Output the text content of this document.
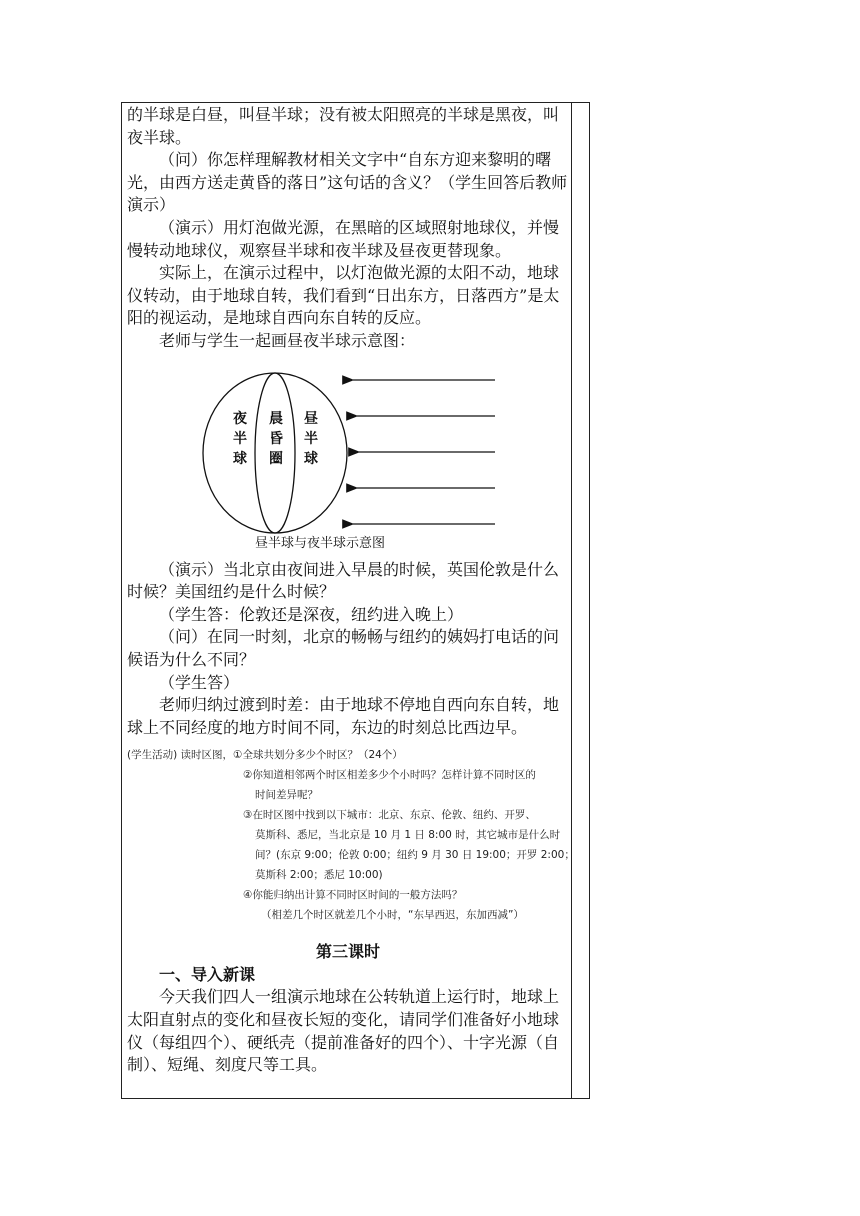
的半球是白昼，叫昼半球；没有被太阳照亮的半球是黑夜，叫夜半球。

（问）你怎样理解教材相关文字中“自东方迎来黎明的曙光，由西方送走黄昏的落日”这句话的含义？（学生回答后教师演示）

（演示）用灯泡做光源，在黑暗的区域照射地球仪，并慢慢转动地球仪，观察昼半球和夜半球及昼夜更替现象。

实际上，在演示过程中，以灯泡做光源的太阳不动，地球仪转动，由于地球自转，我们看到“日出东方，日落西方”是太阳的视运动，是地球自西向东自转的反应。

老师与学生一起画昼夜半球示意图：

夜半球
晨昏圈
昼半球
昼半球与夜半球示意图

（演示）当北京由夜间进入早晨的时候，英国伦敦是什么时候？美国纽约是什么时候？

（学生答：伦敦还是深夜，纽约进入晚上）

（问）在同一时刻，北京的畅畅与纽约的姨妈打电话的问候语为什么不同？

（学生答）

老师归纳过渡到时差：由于地球不停地自西向东自转，地球上不同经度的地方时间不同，东边的时刻总比西边早。

(学生活动) 读时区图，①全球共划分多少个时区？（24个）
②你知道相邻两个时区相差多少个小时吗？怎样计算不同时区的
时间差异呢？
③在时区图中找到以下城市：北京、东京、伦敦、纽约、开罗、
莫斯科、悉尼，当北京是 10 月 1 日 8:00 时，其它城市是什么时
间？(东京 9:00；伦敦 0:00；纽约 9 月 30 日 19:00；开罗 2:00；
莫斯科 2:00；悉尼 10:00)
④你能归纳出计算不同时区时间的一般方法吗？
（相差几个时区就差几个小时，“东早西迟，东加西减”）

第三课时

一、导入新课

今天我们四人一组演示地球在公转轨道上运行时，地球上太阳直射点的变化和昼夜长短的变化，请同学们准备好小地球仪（每组四个）、硬纸壳（提前准备好的四个）、十字光源（自制）、短绳、刻度尺等工具。
